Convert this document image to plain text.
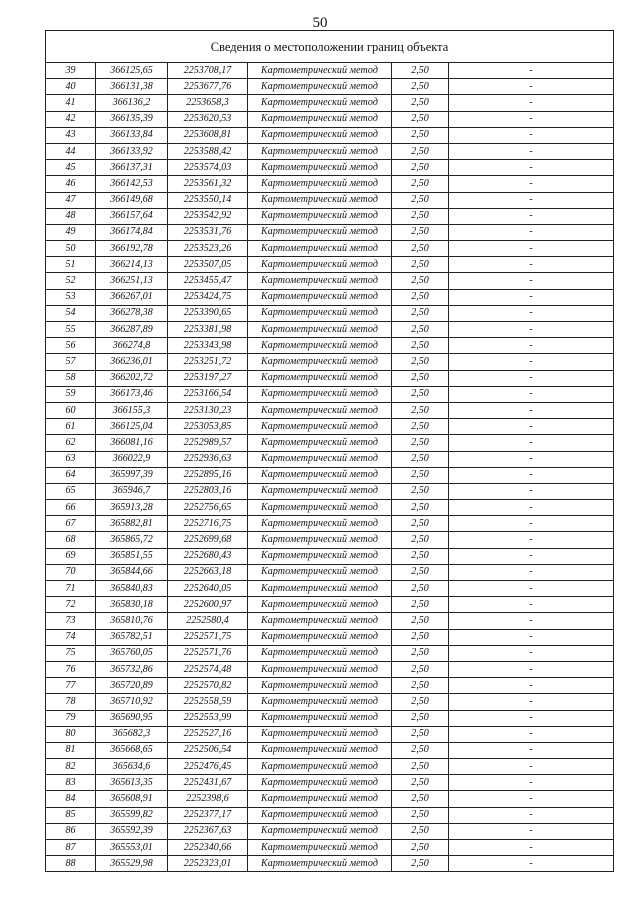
50
Сведения о местоположении границ объекта					
39	366125,65	2253708,17	Картометрический метод	2,50	-
40	366131,38	2253677,76	Картометрический метод	2,50	-
41	366136,2	2253658,3	Картометрический метод	2,50	-
42	366135,39	2253620,53	Картометрический метод	2,50	-
43	366133,84	2253608,81	Картометрический метод	2,50	-
44	366133,92	2253588,42	Картометрический метод	2,50	-
45	366137,31	2253574,03	Картометрический метод	2,50	-
46	366142,53	2253561,32	Картометрический метод	2,50	-
47	366149,68	2253550,14	Картометрический метод	2,50	-
48	366157,64	2253542,92	Картометрический метод	2,50	-
49	366174,84	2253531,76	Картометрический метод	2,50	-
50	366192,78	2253523,26	Картометрический метод	2,50	-
51	366214,13	2253507,05	Картометрический метод	2,50	-
52	366251,13	2253455,47	Картометрический метод	2,50	-
53	366267,01	2253424,75	Картометрический метод	2,50	-
54	366278,38	2253390,65	Картометрический метод	2,50	-
55	366287,89	2253381,98	Картометрический метод	2,50	-
56	366274,8	2253343,98	Картометрический метод	2,50	-
57	366236,01	2253251,72	Картометрический метод	2,50	-
58	366202,72	2253197,27	Картометрический метод	2,50	-
59	366173,46	2253166,54	Картометрический метод	2,50	-
60	366155,3	2253130,23	Картометрический метод	2,50	-
61	366125,04	2253053,85	Картометрический метод	2,50	-
62	366081,16	2252989,57	Картометрический метод	2,50	-
63	366022,9	2252936,63	Картометрический метод	2,50	-
64	365997,39	2252895,16	Картометрический метод	2,50	-
65	365946,7	2252803,16	Картометрический метод	2,50	-
66	365913,28	2252756,65	Картометрический метод	2,50	-
67	365882,81	2252716,75	Картометрический метод	2,50	-
68	365865,72	2252699,68	Картометрический метод	2,50	-
69	365851,55	2252680,43	Картометрический метод	2,50	-
70	365844,66	2252663,18	Картометрический метод	2,50	-
71	365840,83	2252640,05	Картометрический метод	2,50	-
72	365830,18	2252600,97	Картометрический метод	2,50	-
73	365810,76	2252580,4	Картометрический метод	2,50	-
74	365782,51	2252571,75	Картометрический метод	2,50	-
75	365760,05	2252571,76	Картометрический метод	2,50	-
76	365732,86	2252574,48	Картометрический метод	2,50	-
77	365720,89	2252570,82	Картометрический метод	2,50	-
78	365710,92	2252558,59	Картометрический метод	2,50	-
79	365690,95	2252553,99	Картометрический метод	2,50	-
80	365682,3	2252527,16	Картометрический метод	2,50	-
81	365668,65	2252506,54	Картометрический метод	2,50	-
82	365634,6	2252476,45	Картометрический метод	2,50	-
83	365613,35	2252431,67	Картометрический метод	2,50	-
84	365608,91	2252398,6	Картометрический метод	2,50	-
85	365599,82	2252377,17	Картометрический метод	2,50	-
86	365592,39	2252367,63	Картометрический метод	2,50	-
87	365553,01	2252340,66	Картометрический метод	2,50	-
88	365529,98	2252323,01	Картометрический метод	2,50	-
